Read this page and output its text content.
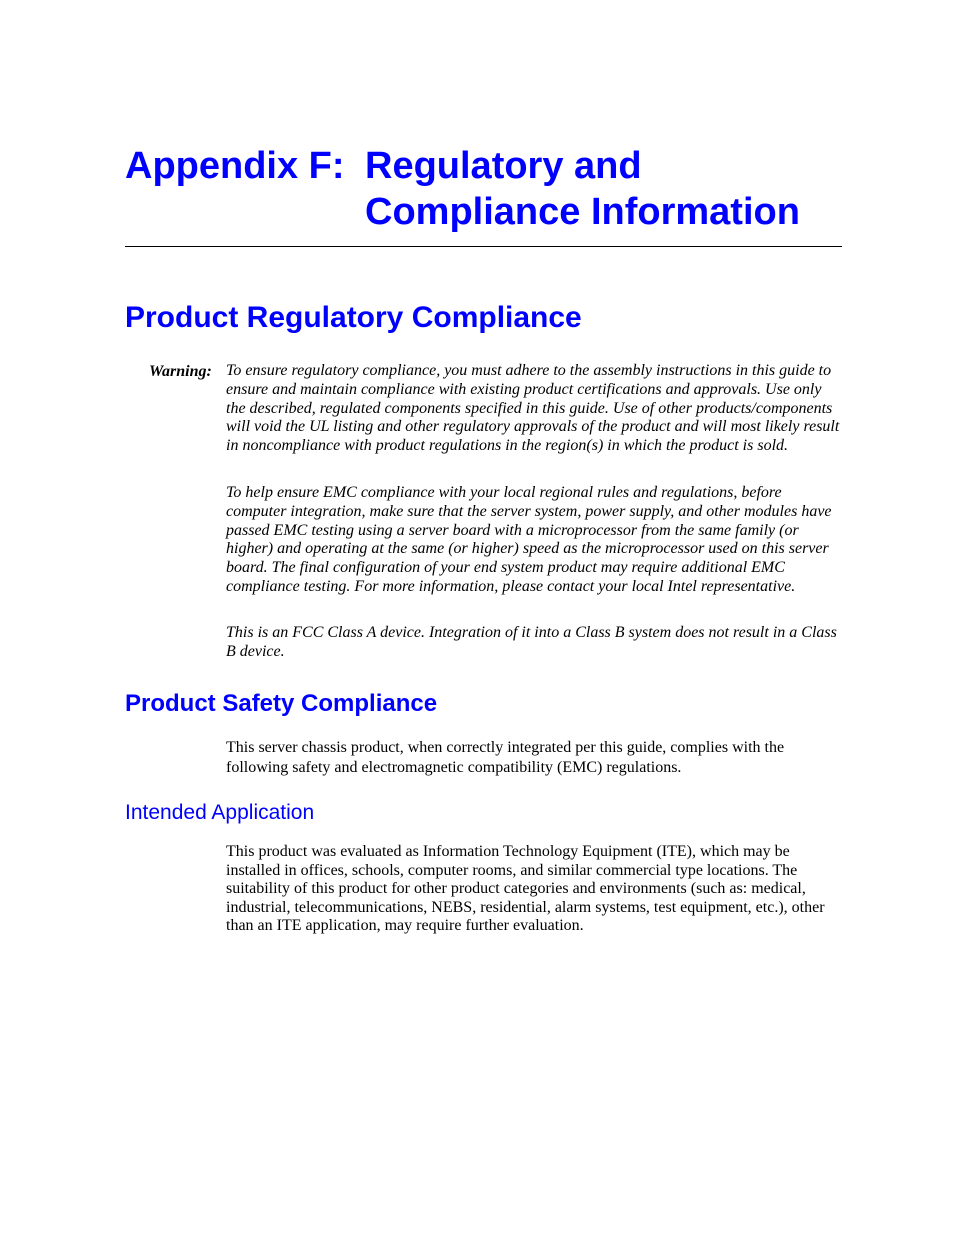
Appendix F: Regulatory and
Compliance Information
Product Regulatory Compliance
Warning: To ensure regulatory compliance, you must adhere to the assembly instructions in this guide to ensure and maintain compliance with existing product certifications and approvals. Use only the described, regulated components specified in this guide. Use of other products/components will void the UL listing and other regulatory approvals of the product and will most likely result in noncompliance with product regulations in the region(s) in which the product is sold.

To help ensure EMC compliance with your local regional rules and regulations, before computer integration, make sure that the server system, power supply, and other modules have passed EMC testing using a server board with a microprocessor from the same family (or higher) and operating at the same (or higher) speed as the microprocessor used on this server board. The final configuration of your end system product may require additional EMC compliance testing. For more information, please contact your local Intel representative.

This is an FCC Class A device. Integration of it into a Class B system does not result in a Class B device.

Product Safety Compliance

This server chassis product, when correctly integrated per this guide, complies with the following safety and electromagnetic compatibility (EMC) regulations.

Intended Application

This product was evaluated as Information Technology Equipment (ITE), which may be installed in offices, schools, computer rooms, and similar commercial type locations. The suitability of this product for other product categories and environments (such as: medical, industrial, telecommunications, NEBS, residential, alarm systems, test equipment, etc.), other than an ITE application, may require further evaluation.
